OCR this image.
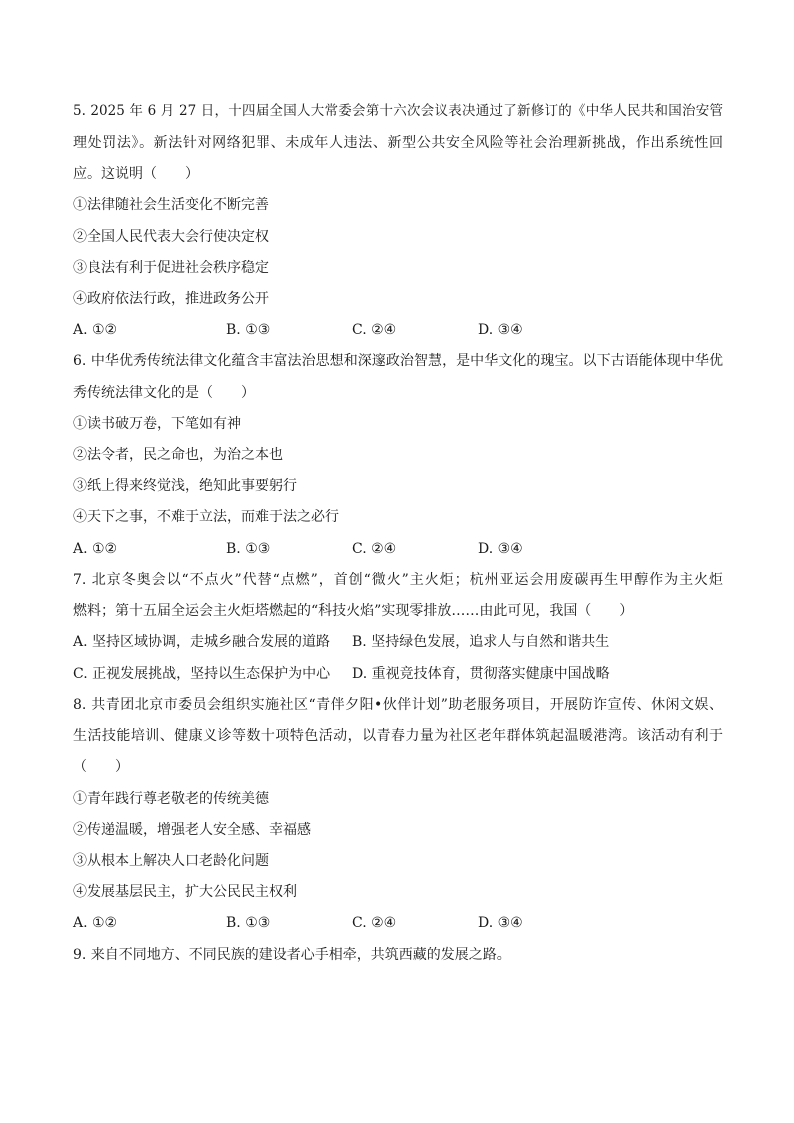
5. 2025 年 6 月 27 日，十四届全国人大常委会第十六次会议表决通过了新修订的《中华人民共和国治安管
理处罚法》。新法针对网络犯罪、未成年人违法、新型公共安全风险等社会治理新挑战，作出系统性回
应。这说明（　　）
①法律随社会生活变化不断完善
②全国人民代表大会行使决定权
③良法有利于促进社会秩序稳定
④政府依法行政，推进政务公开
A. ①②	B. ①③	C. ②④	D. ③④
6. 中华优秀传统法律文化蕴含丰富法治思想和深邃政治智慧，是中华文化的瑰宝。以下古语能体现中华优
秀传统法律文化的是（　　）
①读书破万卷，下笔如有神
②法令者，民之命也，为治之本也
③纸上得来终觉浅，绝知此事要躬行
④天下之事，不难于立法，而难于法之必行
A. ①②	B. ①③	C. ②④	D. ③④
7. 北京冬奥会以“不点火”代替“点燃”，首创“微火”主火炬；杭州亚运会用废碳再生甲醇作为主火炬
燃料；第十五届全运会主火炬塔燃起的“科技火焰”实现零排放……由此可见，我国（　　）
A. 坚持区域协调，走城乡融合发展的道路 B. 坚持绿色发展，追求人与自然和谐共生
C. 正视发展挑战，坚持以生态保护为中心 D. 重视竞技体育，贯彻落实健康中国战略
8. 共青团北京市委员会组织实施社区“青伴夕阳•伙伴计划”助老服务项目，开展防诈宣传、休闲文娱、
生活技能培训、健康义诊等数十项特色活动，以青春力量为社区老年群体筑起温暖港湾。该活动有利于
（　　）
①青年践行尊老敬老的传统美德
②传递温暖，增强老人安全感、幸福感
③从根本上解决人口老龄化问题
④发展基层民主，扩大公民民主权利
A. ①②	B. ①③	C. ②④	D. ③④
9. 来自不同地方、不同民族的建设者心手相牵，共筑西藏的发展之路。
